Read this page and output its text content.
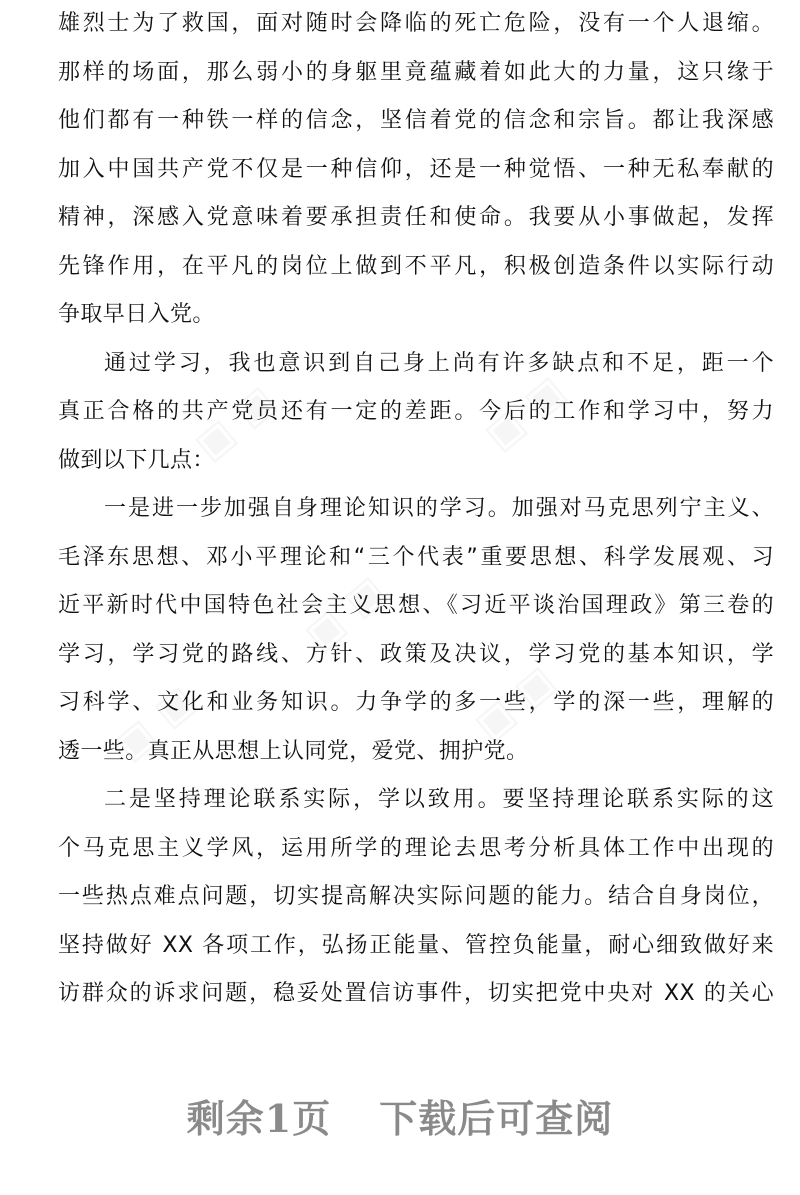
▣ ▣	▣ ▣
▣ ▣
▣ ▣	▣ ▣
雄烈士为了救国，面对随时会降临的死亡危险，没有一个人退缩。
那样的场面，那么弱小的身躯里竟蕴藏着如此大的力量，这只缘于
他们都有一种铁一样的信念，坚信着党的信念和宗旨。都让我深感
加入中国共产党不仅是一种信仰，还是一种觉悟、一种无私奉献的
精神，深感入党意味着要承担责任和使命。我要从小事做起，发挥
先锋作用，在平凡的岗位上做到不平凡，积极创造条件以实际行动
争取早日入党。
通过学习，我也意识到自己身上尚有许多缺点和不足，距一个
真正合格的共产党员还有一定的差距。今后的工作和学习中，努力
做到以下几点：
一是进一步加强自身理论知识的学习。加强对马克思列宁主义、
毛泽东思想、邓小平理论和“三个代表”重要思想、科学发展观、习
近平新时代中国特色社会主义思想、《习近平谈治国理政》第三卷的
学习，学习党的路线、方针、政策及决议，学习党的基本知识，学
习科学、文化和业务知识。力争学的多一些，学的深一些，理解的
透一些。真正从思想上认同党，爱党、拥护党。
二是坚持理论联系实际，学以致用。要坚持理论联系实际的这
个马克思主义学风，运用所学的理论去思考分析具体工作中出现的
一些热点难点问题，切实提高解决实际问题的能力。结合自身岗位，
坚持做好 XX 各项工作，弘扬正能量、管控负能量，耐心细致做好来
访群众的诉求问题，稳妥处置信访事件，切实把党中央对 XX 的关心
剩余1页 下载后可查阅
